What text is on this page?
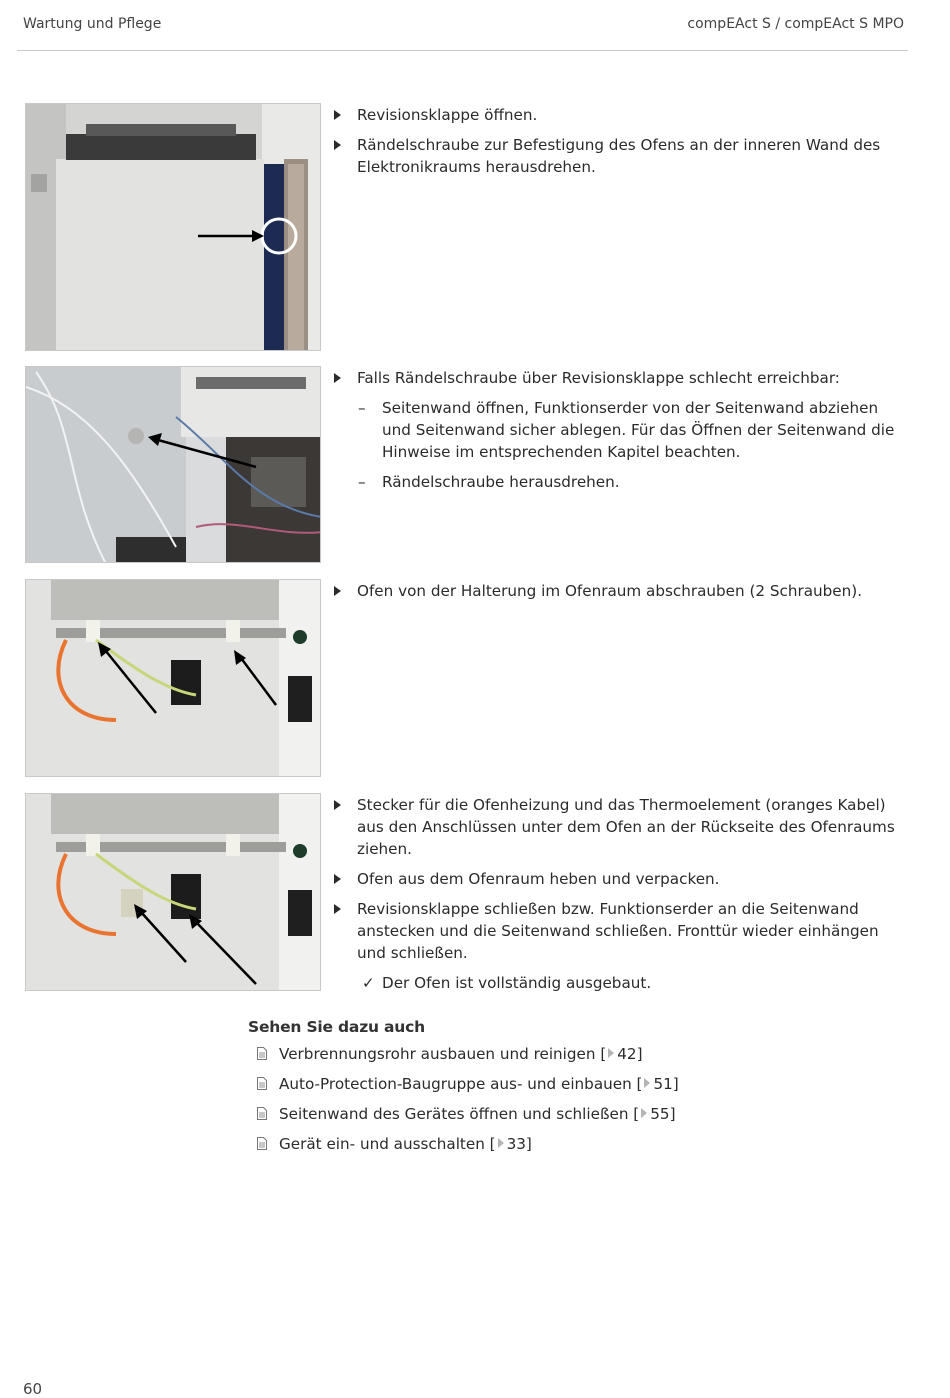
Wartung und Pflege	compEAct S / compEAct S MPO
Revisionsklappe öffnen.
Rändelschraube zur Befestigung des Ofens an der inneren Wand des Elektronikraums herausdrehen.
Falls Rändelschraube über Revisionsklappe schlecht erreichbar:
– Seitenwand öffnen, Funktionserder von der Seitenwand abziehen und Seitenwand sicher ablegen. Für das Öffnen der Seitenwand die Hinweise im entsprechenden Kapitel beachten.
– Rändelschraube herausdrehen.
Ofen von der Halterung im Ofenraum abschrauben (2 Schrauben).
Stecker für die Ofenheizung und das Thermoelement (oranges Kabel) aus den Anschlüssen unter dem Ofen an der Rückseite des Ofenraums ziehen.
Ofen aus dem Ofenraum heben und verpacken.
Revisionsklappe schließen bzw. Funktionserder an die Seitenwand anstecken und die Seitenwand schließen. Fronttür wieder einhängen und schließen.
✓ Der Ofen ist vollständig ausgebaut.
Sehen Sie dazu auch
Verbrennungsrohr ausbauen und reinigen [ 42]
Auto-Protection-Baugruppe aus- und einbauen [ 51]
Seitenwand des Gerätes öffnen und schließen [ 55]
Gerät ein- und ausschalten [ 33]
60
